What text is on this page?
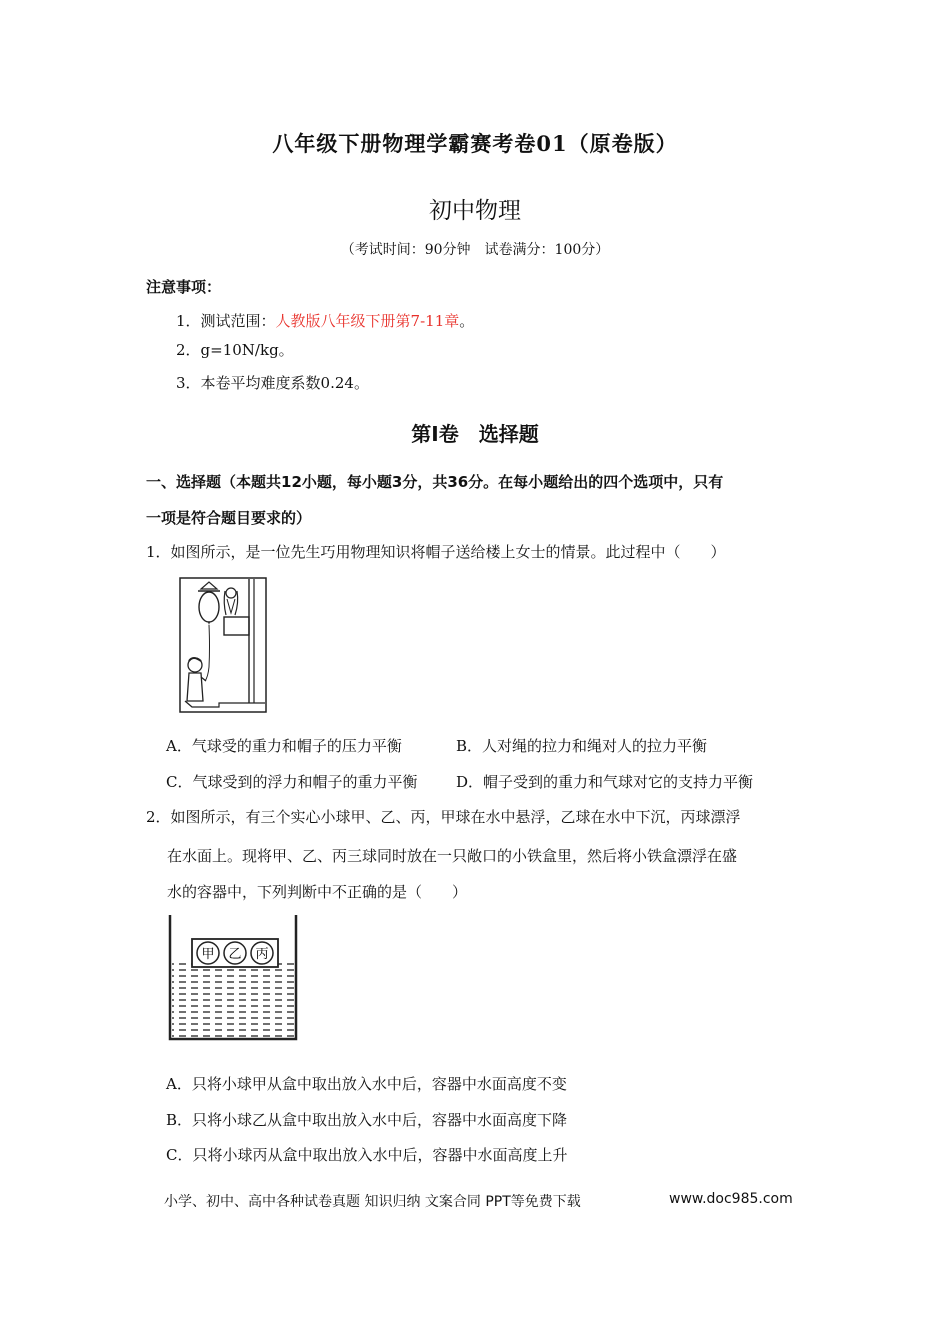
八年级下册物理学霸赛考卷01（原卷版）
初中物理
（考试时间：90分钟　试卷满分：100分）
注意事项：
1．测试范围：人教版八年级下册第7-11章。
2．g=10N/kg。
3．本卷平均难度系数0.24。
第Ⅰ卷　选择题
一、选择题（本题共12小题，每小题3分，共36分。在每小题给出的四个选项中，只有
一项是符合题目要求的）
1．如图所示，是一位先生巧用物理知识将帽子送给楼上女士的情景。此过程中（　　）
A．气球受的重力和帽子的压力平衡	B．人对绳的拉力和绳对人的拉力平衡
C．气球受到的浮力和帽子的重力平衡	D．帽子受到的重力和气球对它的支持力平衡
2．如图所示，有三个实心小球甲、乙、丙，甲球在水中悬浮，乙球在水中下沉，丙球漂浮
在水面上。现将甲、乙、丙三球同时放在一只敞口的小铁盒里，然后将小铁盒漂浮在盛
水的容器中，下列判断中不正确的是（　　）
甲 乙 丙
A．只将小球甲从盒中取出放入水中后，容器中水面高度不变
B．只将小球乙从盒中取出放入水中后，容器中水面高度下降
C．只将小球丙从盒中取出放入水中后，容器中水面高度上升
小学、初中、高中各种试卷真题 知识归纳 文案合同 PPT等免费下载	www.doc985.com
